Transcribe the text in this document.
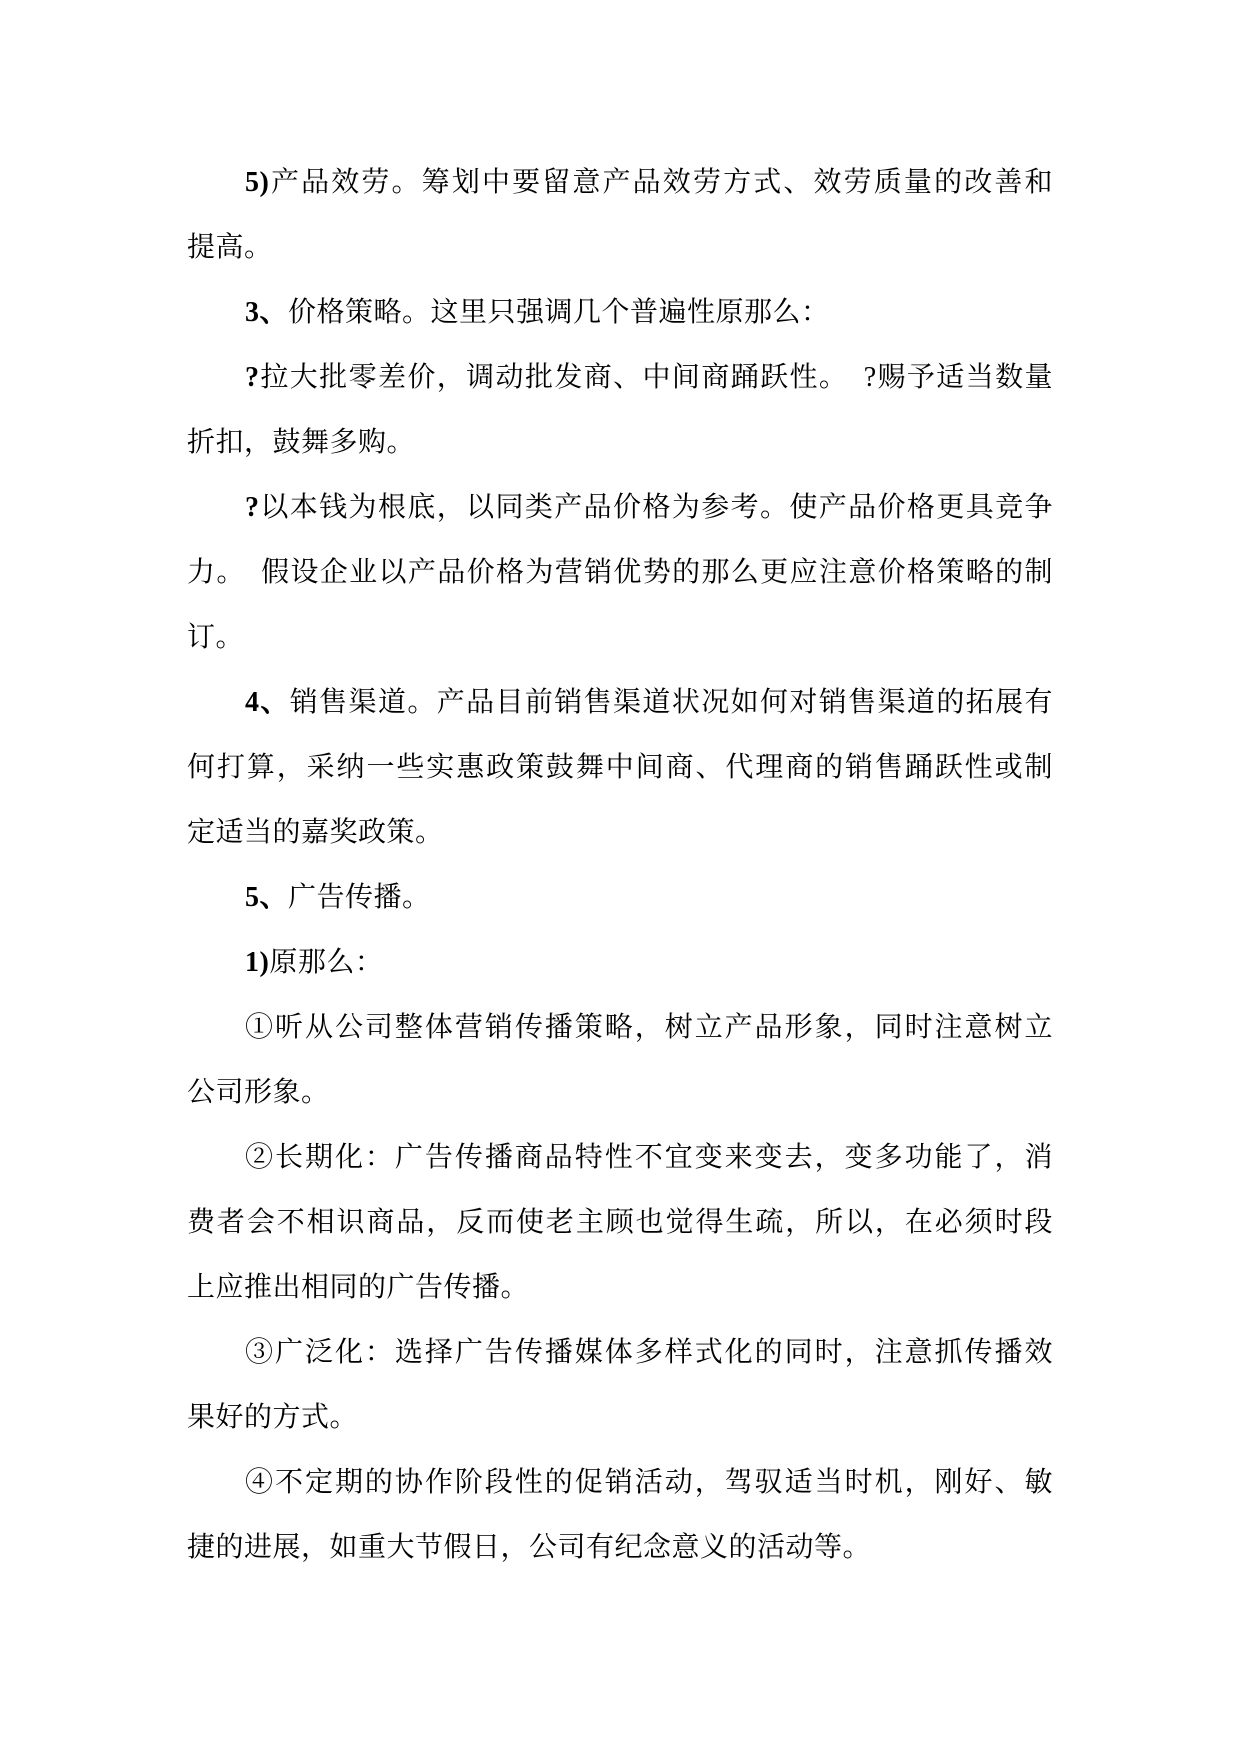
5)产品效劳。筹划中要留意产品效劳方式、效劳质量的改善和
提高。
3、价格策略。这里只强调几个普遍性原那么：
?拉大批零差价，调动批发商、中间商踊跃性。　?赐予适当数量
折扣，鼓舞多购。
?以本钱为根底，以同类产品价格为参考。使产品价格更具竞争
力。　假设企业以产品价格为营销优势的那么更应注意价格策略的制
订。
4、销售渠道。产品目前销售渠道状况如何对销售渠道的拓展有
何打算，采纳一些实惠政策鼓舞中间商、代理商的销售踊跃性或制
定适当的嘉奖政策。
5、广告传播。
1)原那么：
①听从公司整体营销传播策略，树立产品形象，同时注意树立
公司形象。
②长期化：广告传播商品特性不宜变来变去，变多功能了，消
费者会不相识商品，反而使老主顾也觉得生疏，所以，在必须时段
上应推出相同的广告传播。
③广泛化：选择广告传播媒体多样式化的同时，注意抓传播效
果好的方式。
④不定期的协作阶段性的促销活动，驾驭适当时机，刚好、敏
捷的进展，如重大节假日，公司有纪念意义的活动等。
